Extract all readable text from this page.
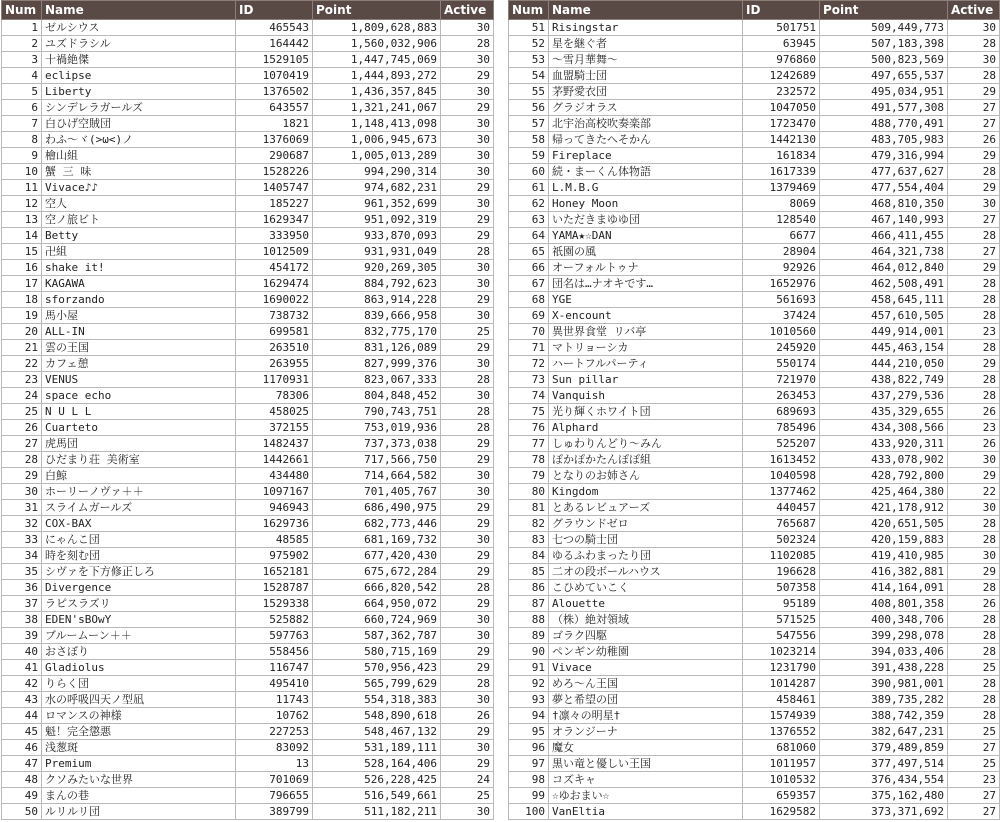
Num	Name	ID	Point	Active
1	ゼルシウス	465543	1,809,628,883	30
2	ユズドラシル	164442	1,560,032,906	28
3	十禍絶傑	1529105	1,447,745,069	30
4	eclipse	1070419	1,444,893,272	29
5	Liberty	1376502	1,436,357,845	30
6	シンデレラガールズ	643557	1,321,241,067	29
7	白ひげ空賊団	1821	1,148,413,098	30
8	わふ～ヾ(>ω<)ノ	1376069	1,006,945,673	30
9	檜山組	290687	1,005,013,289	30
10	蟹 三 味	1528226	994,290,314	30
11	Vivace♪♪	1405747	974,682,231	29
12	空人	185227	961,352,699	30
13	空ノ旅ビト	1629347	951,092,319	29
14	Betty	333950	933,870,093	29
15	卍組	1012509	931,931,049	28
16	shake it!	454172	920,269,305	30
17	KAGAWA	1629474	884,792,623	30
18	sforzando	1690022	863,914,228	29
19	馬小屋	738732	839,666,958	30
20	ALL-IN	699581	832,775,170	25
21	雲の王国	263510	831,126,089	29
22	カフェ憩	263955	827,999,376	30
23	VENUS	1170931	823,067,333	28
24	space echo	78306	804,848,452	30
25	N U L L	458025	790,743,751	28
26	Cuarteto	372155	753,019,936	28
27	虎馬団	1482437	737,373,038	29
28	ひだまり荘 美術室	1442661	717,566,750	29
29	白鯨	434480	714,664,582	30
30	ホーリーノヴァ＋＋	1097167	701,405,767	30
31	スライムガールズ	946943	686,490,975	29
32	COX-BAX	1629736	682,773,446	29
33	にゃんこ団	48585	681,169,732	30
34	時を刻む団	975902	677,420,430	29
35	シヴァを下方修正しろ	1652181	675,672,284	29
36	Divergence	1528787	666,820,542	28
37	ラピスラズリ	1529338	664,950,072	29
38	EDEN'sBOwY	525882	660,724,969	30
39	ブルームーン＋＋	597763	587,362,787	30
40	おさぼり	558456	580,715,169	29
41	Gladiolus	116747	570,956,423	29
42	りらく団	495410	565,799,629	28
43	水の呼吸四天ノ型凪	11743	554,318,383	30
44	ロマンスの神様	10762	548,890,618	26
45	魁！完全懲悪	227253	548,467,132	29
46	浅葱斑	83092	531,189,111	30
47	Premium	13	528,164,406	29
48	クソみたいな世界	701069	526,228,425	24
49	まんの巷	796655	516,549,661	25
50	ルリルリ団	389799	511,182,211	30
Num	Name	ID	Point	Active
51	Risingstar	501751	509,449,773	30
52	星を継ぐ者	63945	507,183,398	28
53	～雪月華舞～	976860	500,823,569	30
54	血盟騎士団	1242689	497,655,537	28
55	茅野愛衣団	232572	495,034,951	29
56	グラジオラス	1047050	491,577,308	27
57	北宇治高校吹奏楽部	1723470	488,770,491	27
58	帰ってきたへそかん	1442130	483,705,983	26
59	Fireplace	161834	479,316,994	29
60	続・まーくん体物語	1617339	477,637,627	28
61	L.M.B.G	1379469	477,554,404	29
62	Honey Moon	8069	468,810,350	30
63	いただきまゆゆ団	128540	467,140,993	27
64	YAMA★☆DAN	6677	466,411,455	28
65	祇園の風	28904	464,321,738	27
66	オーフォルトゥナ	92926	464,012,840	29
67	団名は…ナオキです…	1652976	462,508,491	28
68	YGE	561693	458,645,111	28
69	X-encount	37424	457,610,505	28
70	異世界食堂 リバ亭	1010560	449,914,001	23
71	マトリョーシカ	245920	445,463,154	28
72	ハートフルパーティ	550174	444,210,050	29
73	Sun pillar	721970	438,822,749	28
74	Vanquish	263453	437,279,536	28
75	光り輝くホワイト団	689693	435,329,655	26
76	Alphard	785496	434,308,566	23
77	しゅわりんどり～みん	525207	433,920,311	26
78	ぽかぽかたんぽぽ組	1613452	433,078,902	30
79	となりのお姉さん	1040598	428,792,800	29
80	Kingdom	1377462	425,464,380	22
81	とあるレビュアーズ	440457	421,178,912	30
82	グラウンドゼロ	765687	420,651,505	28
83	七つの騎士団	502324	420,159,883	28
84	ゆるふわまったり団	1102085	419,410,985	30
85	二オの段ボールハウス	196628	416,382,881	29
86	こひめていこく	507358	414,164,091	28
87	Alouette	95189	408,801,358	26
88	（株）絶対領域	571525	400,348,706	28
89	ゴラク四駆	547556	399,298,078	28
90	ペンギン幼稚園	1023214	394,033,406	28
91	Vivace	1231790	391,438,228	25
92	めろ～ん王国	1014287	390,981,001	28
93	夢と希望の団	458461	389,735,282	28
94	†凛々の明星†	1574939	388,742,359	28
95	オランジーナ	1376552	382,647,231	25
96	魔女	681060	379,489,859	27
97	黒い竜と優しい王国	1011957	377,497,514	25
98	コズキャ	1010532	376,434,554	23
99	☆ゆおまい☆	659357	375,162,480	27
100	VanEltia	1629582	373,371,692	27
